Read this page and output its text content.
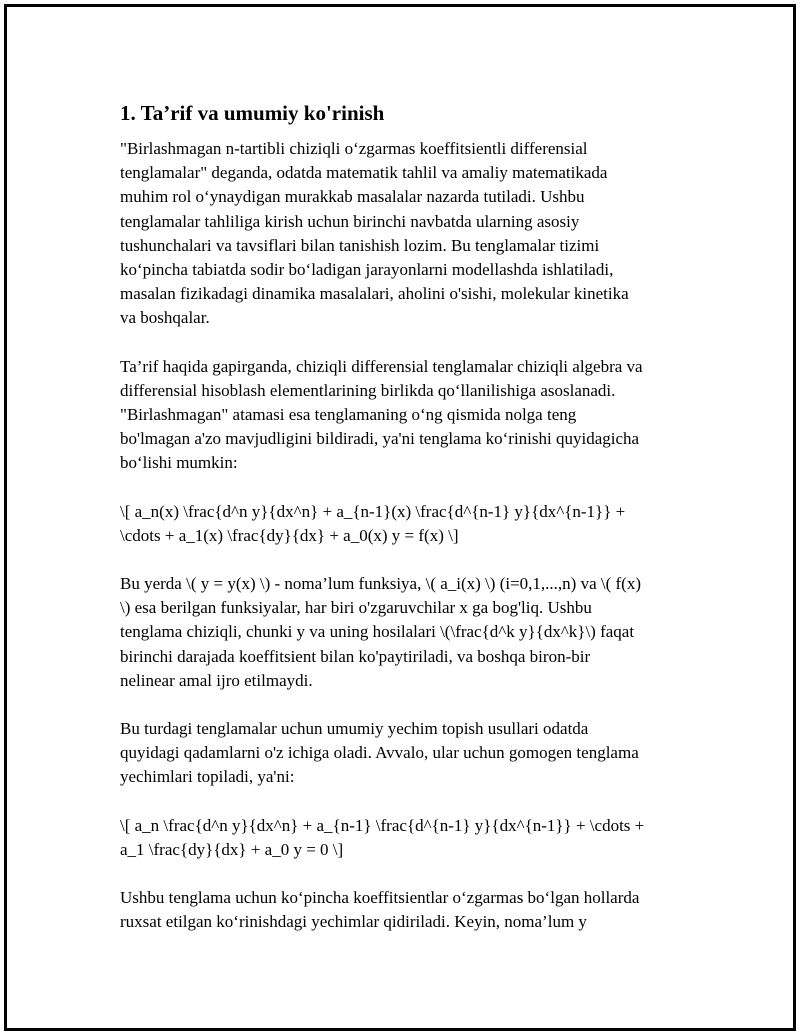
1. Ta’rif va umumiy ko'rinish

"Birlashmagan n-tartibli chiziqli o‘zgarmas koeffitsientli differensial
tenglamalar" deganda, odatda matematik tahlil va amaliy matematikada
muhim rol o‘ynaydigan murakkab masalalar nazarda tutiladi. Ushbu
tenglamalar tahliliga kirish uchun birinchi navbatda ularning asosiy
tushunchalari va tavsiflari bilan tanishish lozim. Bu tenglamalar tizimi
ko‘pincha tabiatda sodir bo‘ladigan jarayonlarni modellashda ishlatiladi,
masalan fizikadagi dinamika masalalari, aholini o'sishi, molekular kinetika
va boshqalar.

Ta’rif haqida gapirganda, chiziqli differensial tenglamalar chiziqli algebra va
differensial hisoblash elementlarining birlikda qo‘llanilishiga asoslanadi.
"Birlashmagan" atamasi esa tenglamaning o‘ng qismida nolga teng
bo'lmagan a'zo mavjudligini bildiradi, ya'ni tenglama ko‘rinishi quyidagicha
bo‘lishi mumkin:

\[ a_n(x) \frac{d^n y}{dx^n} + a_{n-1}(x) \frac{d^{n-1} y}{dx^{n-1}} +
\cdots + a_1(x) \frac{dy}{dx} + a_0(x) y = f(x) \]

Bu yerda \( y = y(x) \) - noma’lum funksiya, \( a_i(x) \) (i=0,1,...,n) va \( f(x)
\) esa berilgan funksiyalar, har biri o'zgaruvchilar x ga bog'liq. Ushbu
tenglama chiziqli, chunki y va uning hosilalari \(\frac{d^k y}{dx^k}\) faqat
birinchi darajada koeffitsient bilan ko'paytiriladi, va boshqa biron-bir
nelinear amal ijro etilmaydi.

Bu turdagi tenglamalar uchun umumiy yechim topish usullari odatda
quyidagi qadamlarni o'z ichiga oladi. Avvalo, ular uchun gomogen tenglama
yechimlari topiladi, ya'ni:

\[ a_n \frac{d^n y}{dx^n} + a_{n-1} \frac{d^{n-1} y}{dx^{n-1}} + \cdots +
a_1 \frac{dy}{dx} + a_0 y = 0 \]

Ushbu tenglama uchun ko‘pincha koeffitsientlar o‘zgarmas bo‘lgan hollarda
ruxsat etilgan ko‘rinishdagi yechimlar qidiriladi. Keyin, noma’lum y
